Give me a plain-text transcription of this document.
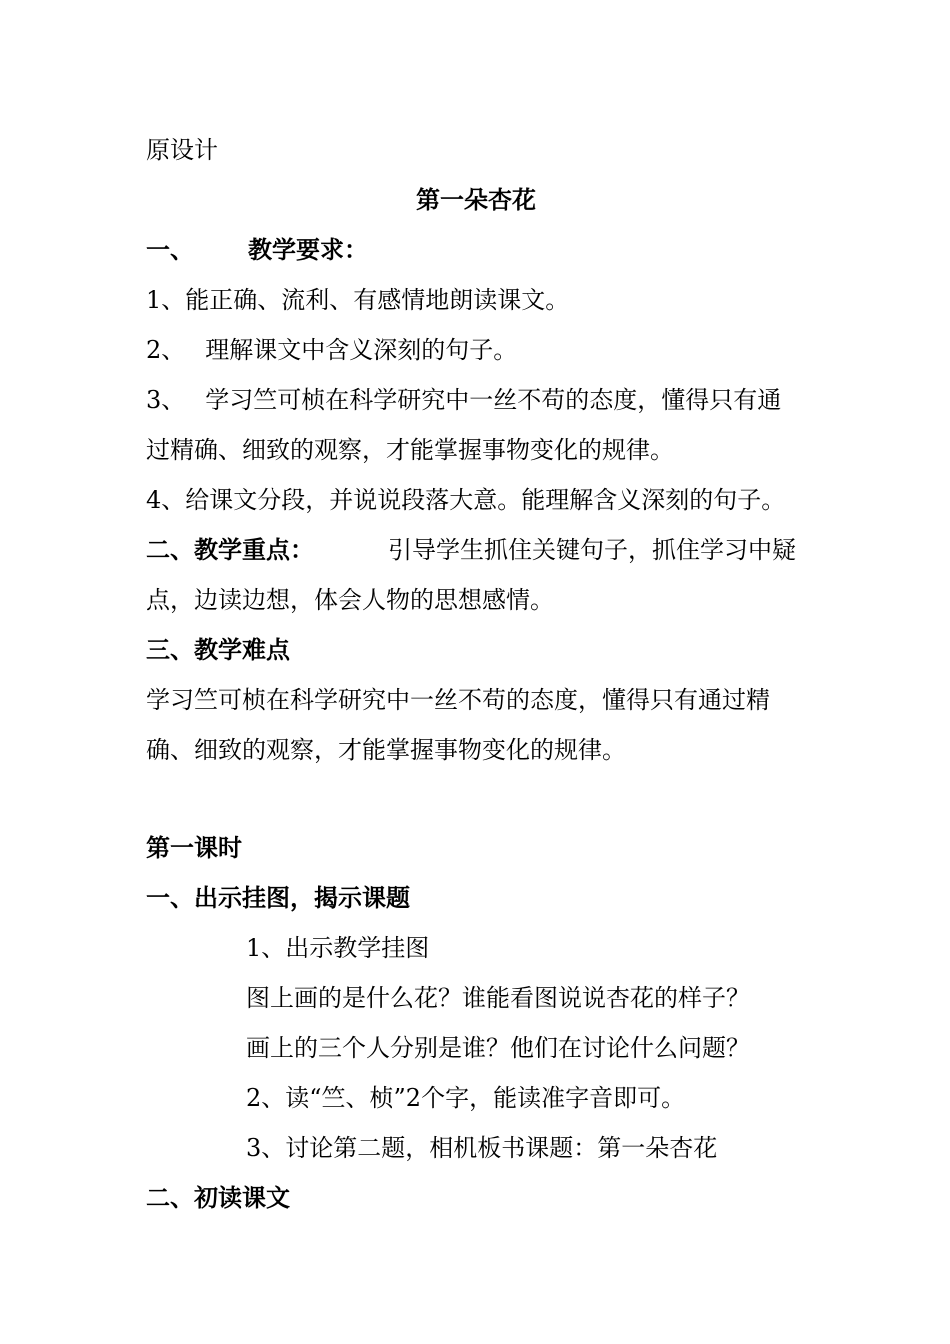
原设计
第一朵杏花
一、 教学要求：
1、能正确、流利、有感情地朗读课文。
2、 理解课文中含义深刻的句子。
3、 学习竺可桢在科学研究中一丝不苟的态度，懂得只有通
过精确、细致的观察，才能掌握事物变化的规律。
4、给课文分段，并说说段落大意。能理解含义深刻的句子。
二、教学重点：	引导学生抓住关键句子，抓住学习中疑
点，边读边想，体会人物的思想感情。
三、教学难点
学习竺可桢在科学研究中一丝不苟的态度，懂得只有通过精
确、细致的观察，才能掌握事物变化的规律。
第一课时
一、出示挂图，揭示课题
1、出示教学挂图
图上画的是什么花？谁能看图说说杏花的样子？
画上的三个人分别是谁？他们在讨论什么问题？
2、读“竺、桢”2个字，能读准字音即可。
3、讨论第二题，相机板书课题：第一朵杏花
二、初读课文
